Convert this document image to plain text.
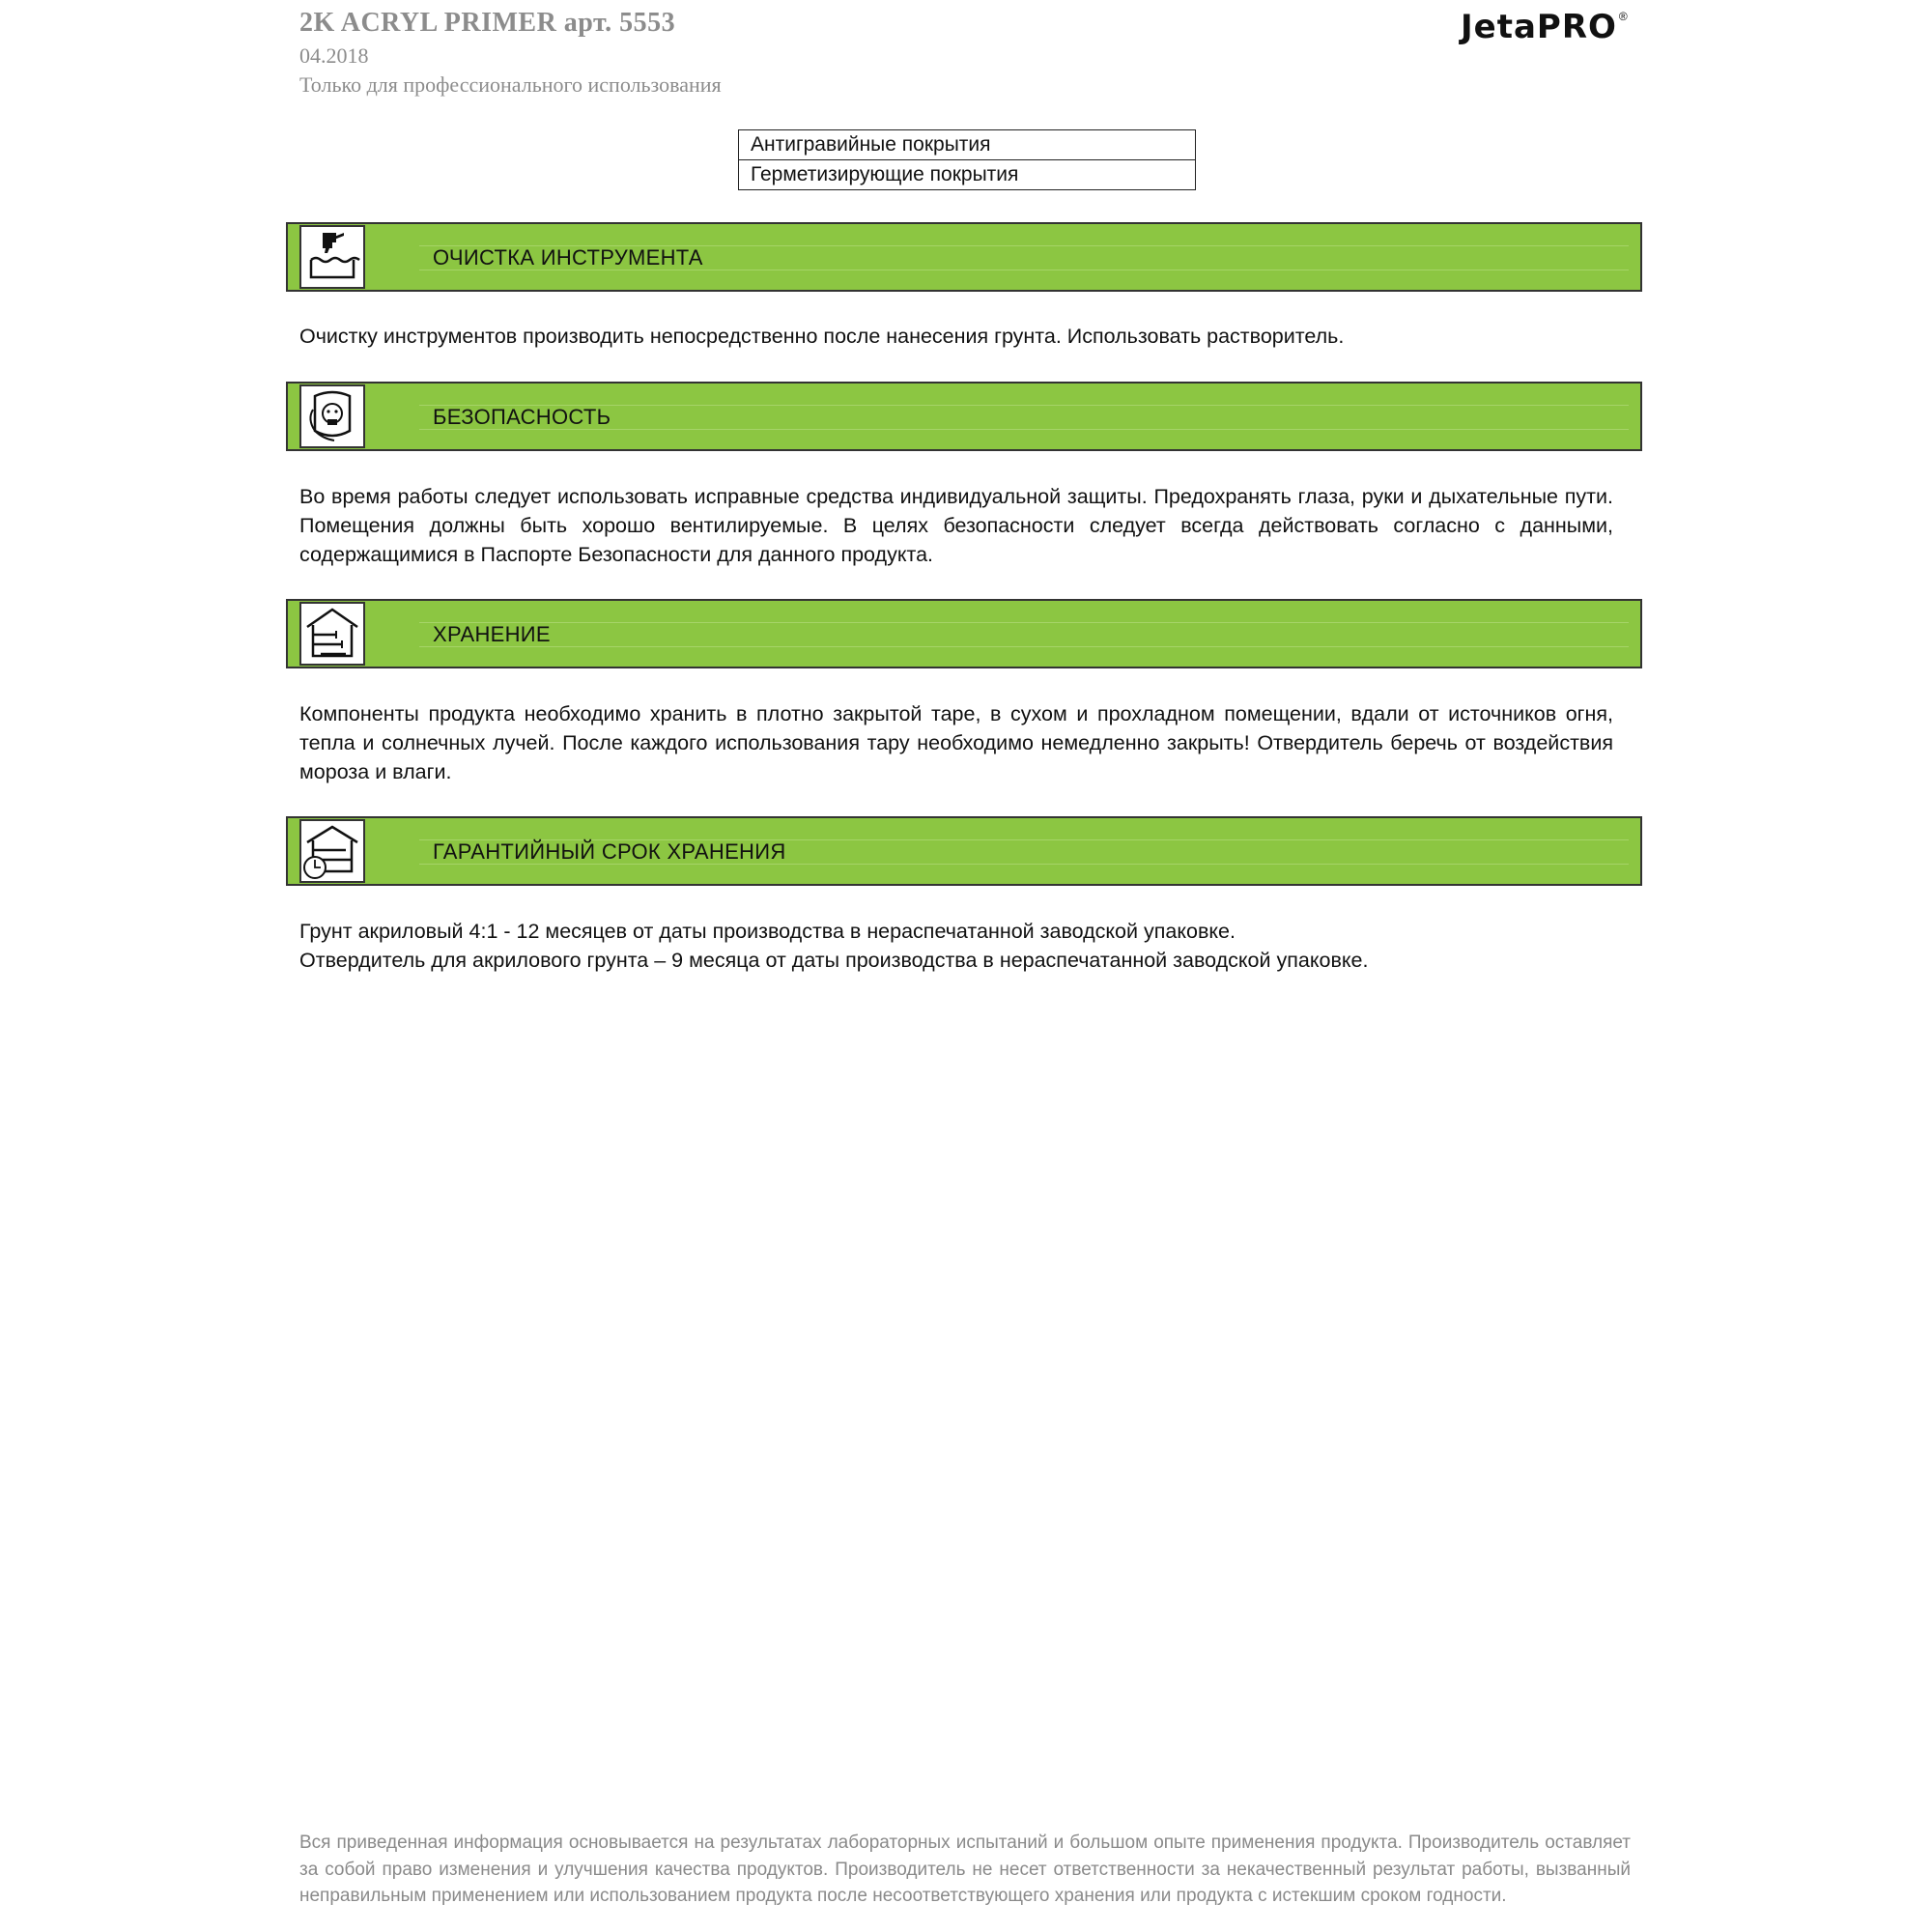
2K ACRYL PRIMER арт. 5553
04.2018
Только для профессионального использования
JetaPRO ®
Антигравийные покрытия
Герметизирующие покрытия
ОЧИСТКА ИНСТРУМЕНТА
Очистку инструментов производить непосредственно после нанесения грунта. Использовать растворитель.
БЕЗОПАСНОСТЬ
Во время работы следует использовать исправные средства индивидуальной защиты. Предохранять глаза, руки и дыхательные пути. Помещения должны быть хорошо вентилируемые. В целях безопасности следует всегда действовать согласно с данными, содержащимися в Паспорте Безопасности для данного продукта.
ХРАНЕНИЕ
Компоненты продукта необходимо хранить в плотно закрытой таре, в сухом и прохладном помещении, вдали от источников огня, тепла и солнечных лучей. После каждого использования тару необходимо немедленно закрыть! Отвердитель беречь от воздействия мороза и влаги.
ГАРАНТИЙНЫЙ СРОК ХРАНЕНИЯ
Грунт акриловый 4:1 - 12 месяцев от даты производства в нераспечатанной заводской упаковке.
Отвердитель для акрилового грунта – 9 месяца от даты производства в нераспечатанной заводской упаковке.
Вся приведенная информация основывается на результатах лабораторных испытаний и большом опыте применения продукта. Производитель оставляет за собой право изменения и улучшения качества продуктов. Производитель не несет ответственности за некачественный результат работы, вызванный неправильным применением или использованием продукта после несоответствующего хранения или продукта с истекшим сроком годности.
